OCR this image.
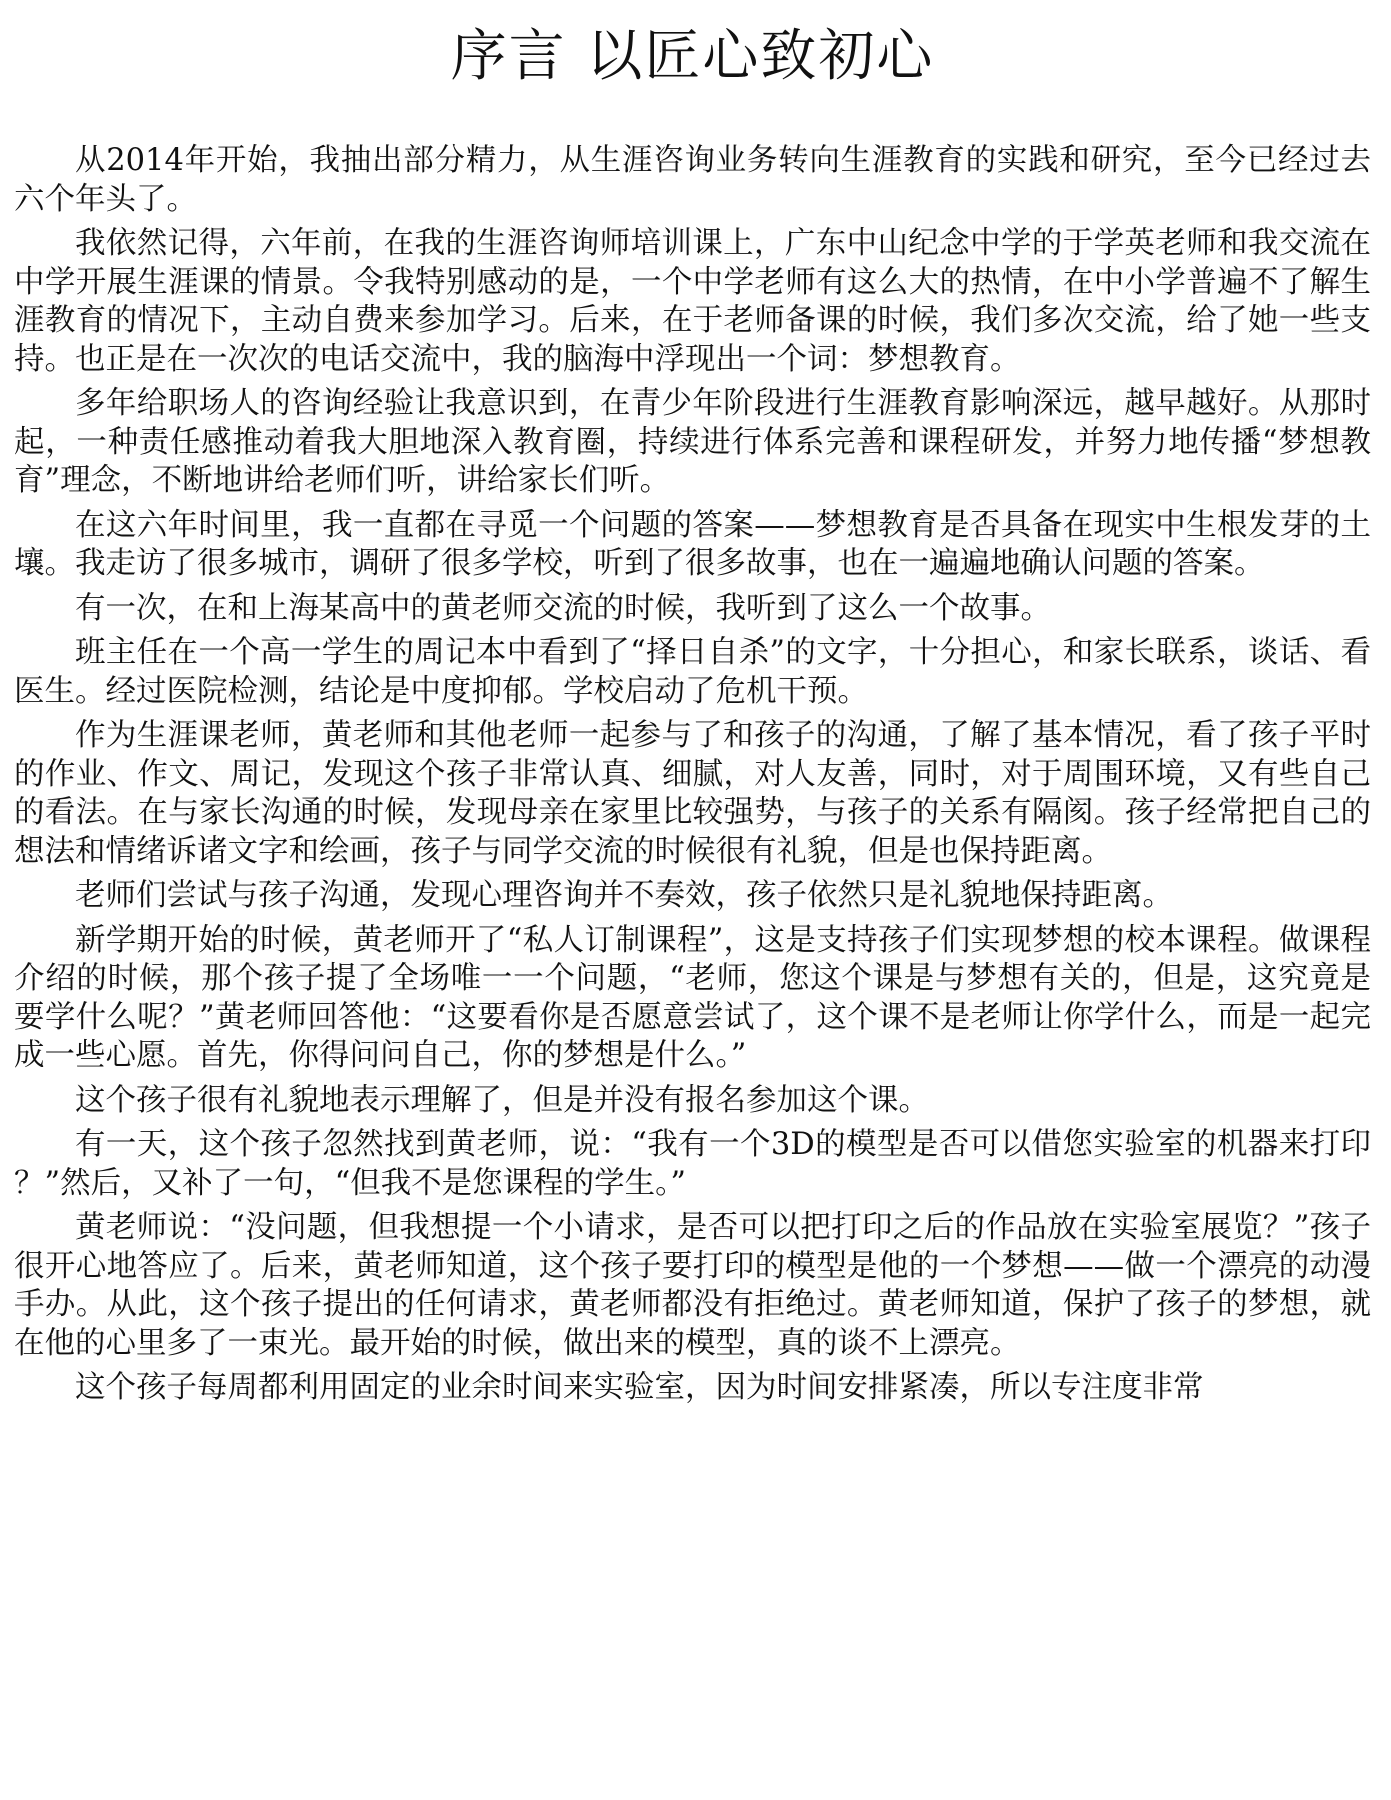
序言 以匠心致初心

从2014年开始，我抽出部分精力，从生涯咨询业务转向生涯教育的实践和研究，至今已经过去六个年头了。

我依然记得，六年前，在我的生涯咨询师培训课上，广东中山纪念中学的于学英老师和我交流在中学开展生涯课的情景。令我特别感动的是，一个中学老师有这么大的热情，在中小学普遍不了解生涯教育的情况下，主动自费来参加学习。后来，在于老师备课的时候，我们多次交流，给了她一些支持。也正是在一次次的电话交流中，我的脑海中浮现出一个词：梦想教育。

多年给职场人的咨询经验让我意识到，在青少年阶段进行生涯教育影响深远，越早越好。从那时起，一种责任感推动着我大胆地深入教育圈，持续进行体系完善和课程研发，并努力地传播“梦想教育”理念，不断地讲给老师们听，讲给家长们听。

在这六年时间里，我一直都在寻觅一个问题的答案——梦想教育是否具备在现实中生根发芽的土壤。我走访了很多城市，调研了很多学校，听到了很多故事，也在一遍遍地确认问题的答案。

有一次，在和上海某高中的黄老师交流的时候，我听到了这么一个故事。

班主任在一个高一学生的周记本中看到了“择日自杀”的文字，十分担心，和家长联系，谈话、看医生。经过医院检测，结论是中度抑郁。学校启动了危机干预。

作为生涯课老师，黄老师和其他老师一起参与了和孩子的沟通，了解了基本情况，看了孩子平时的作业、作文、周记，发现这个孩子非常认真、细腻，对人友善，同时，对于周围环境，又有些自己的看法。在与家长沟通的时候，发现母亲在家里比较强势，与孩子的关系有隔阂。孩子经常把自己的想法和情绪诉诸文字和绘画，孩子与同学交流的时候很有礼貌，但是也保持距离。

老师们尝试与孩子沟通，发现心理咨询并不奏效，孩子依然只是礼貌地保持距离。

新学期开始的时候，黄老师开了“私人订制课程”，这是支持孩子们实现梦想的校本课程。做课程介绍的时候，那个孩子提了全场唯一一个问题，“老师，您这个课是与梦想有关的，但是，这究竟是要学什么呢？”黄老师回答他：“这要看你是否愿意尝试了，这个课不是老师让你学什么，而是一起完成一些心愿。首先，你得问问自己，你的梦想是什么。”

这个孩子很有礼貌地表示理解了，但是并没有报名参加这个课。

有一天，这个孩子忽然找到黄老师，说：“我有一个3D的模型是否可以借您实验室的机器来打印？”然后，又补了一句，“但我不是您课程的学生。”

黄老师说：“没问题，但我想提一个小请求，是否可以把打印之后的作品放在实验室展览？”孩子很开心地答应了。后来，黄老师知道，这个孩子要打印的模型是他的一个梦想——做一个漂亮的动漫手办。从此，这个孩子提出的任何请求，黄老师都没有拒绝过。黄老师知道，保护了孩子的梦想，就在他的心里多了一束光。最开始的时候，做出来的模型，真的谈不上漂亮。

这个孩子每周都利用固定的业余时间来实验室，因为时间安排紧凑，所以专注度非常
